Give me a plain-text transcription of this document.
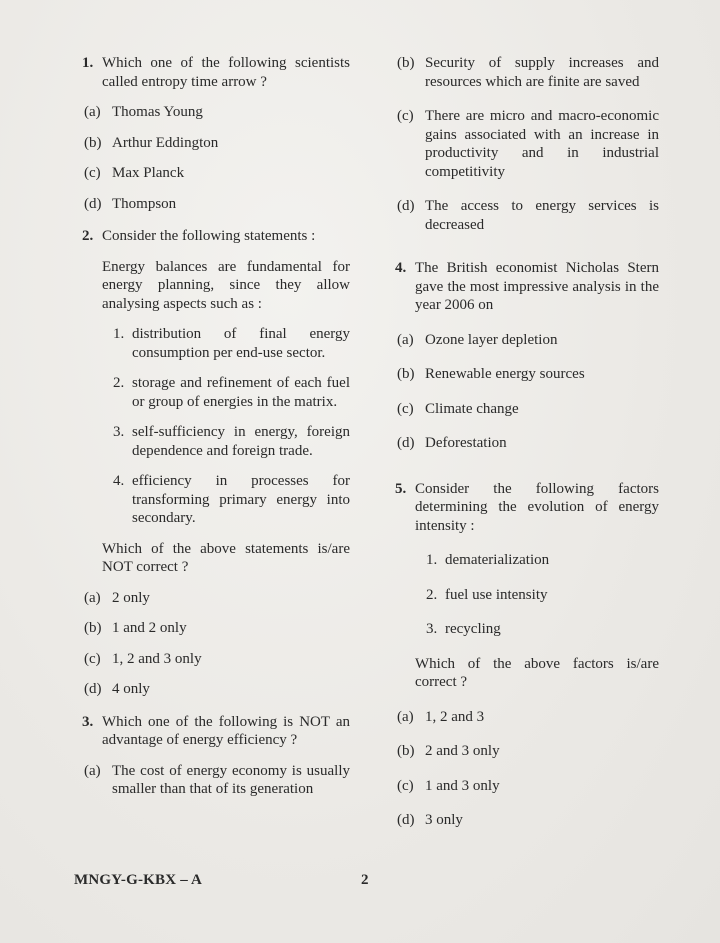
1. Which one of the following scientists called entropy time arrow ?
(a) Thomas Young
(b) Arthur Eddington
(c) Max Planck
(d) Thompson
2. Consider the following statements :
Energy balances are fundamental for energy planning, since they allow analysing aspects such as :
1. distribution of final energy consumption per end-use sector.
2. storage and refinement of each fuel or group of energies in the matrix.
3. self-sufficiency in energy, foreign dependence and foreign trade.
4. efficiency in processes for transforming primary energy into secondary.
Which of the above statements is/are NOT correct ?
(a) 2 only
(b) 1 and 2 only
(c) 1, 2 and 3 only
(d) 4 only
3. Which one of the following is NOT an advantage of energy efficiency ?
(a) The cost of energy economy is usually smaller than that of its generation
(b) Security of supply increases and resources which are finite are saved
(c) There are micro and macro-economic gains associated with an increase in productivity and in industrial competitivity
(d) The access to energy services is decreased
4. The British economist Nicholas Stern gave the most impressive analysis in the year 2006 on
(a) Ozone layer depletion
(b) Renewable energy sources
(c) Climate change
(d) Deforestation
5. Consider the following factors determining the evolution of energy intensity :
1. dematerialization
2. fuel use intensity
3. recycling
Which of the above factors is/are correct ?
(a) 1, 2 and 3
(b) 2 and 3 only
(c) 1 and 3 only
(d) 3 only
MNGY-G-KBX – A	2
